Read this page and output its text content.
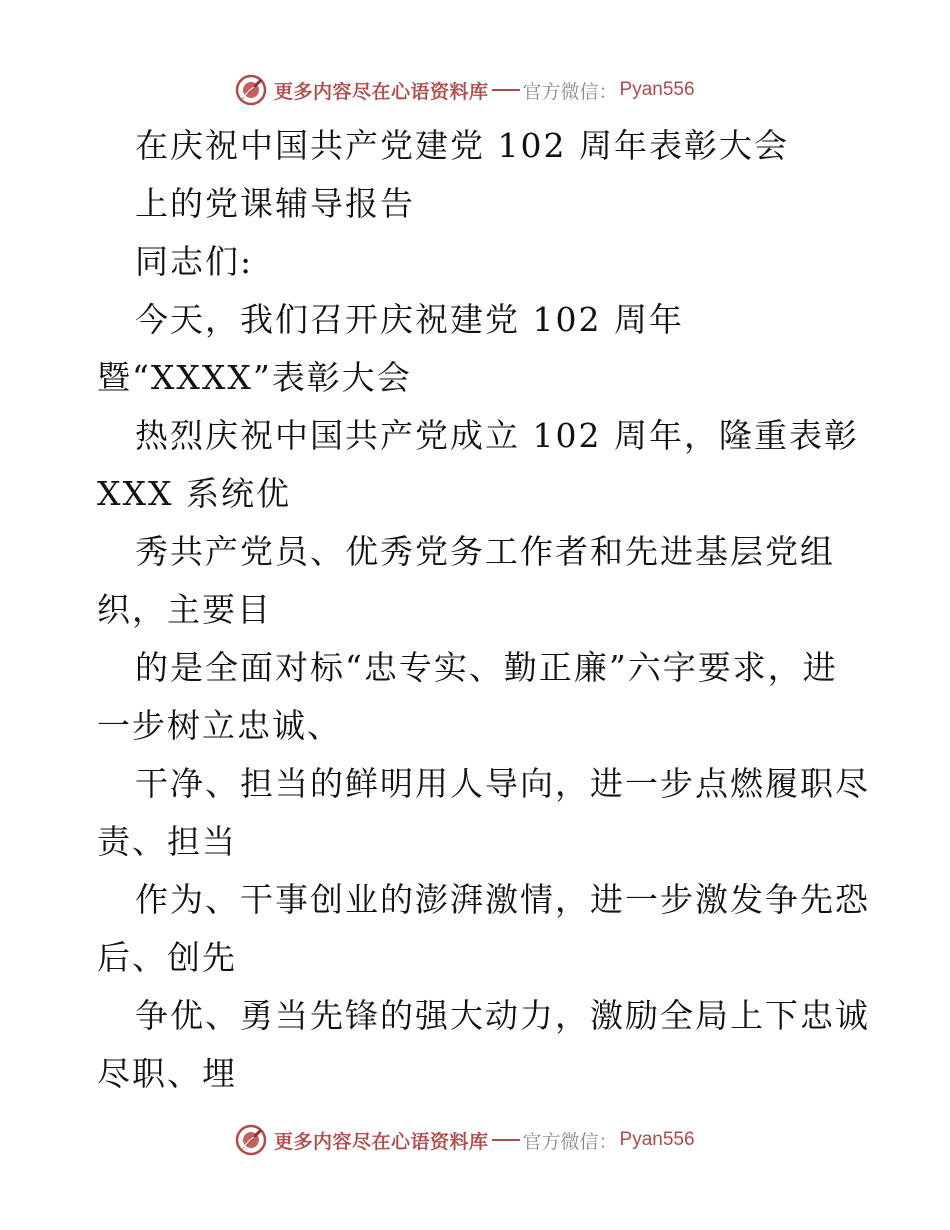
更多内容尽在心语资料库 官方微信： Pyan556
在庆祝中国共产党建党 102 周年表彰大会
上的党课辅导报告
同志们:
今天，我们召开庆祝建党 102 周年
暨“XXXX”表彰大会
热烈庆祝中国共产党成立 102 周年，隆重表彰
XXX 系统优
秀共产党员、优秀党务工作者和先进基层党组
织，主要目
的是全面对标“忠专实、勤正廉”六字要求，进
一步树立忠诚、
干净、担当的鲜明用人导向，进一步点燃履职尽
责、担当
作为、干事创业的澎湃激情，进一步激发争先恐
后、创先
争优、勇当先锋的强大动力，激励全局上下忠诚
尽职、埋
更多内容尽在心语资料库 官方微信： Pyan556
